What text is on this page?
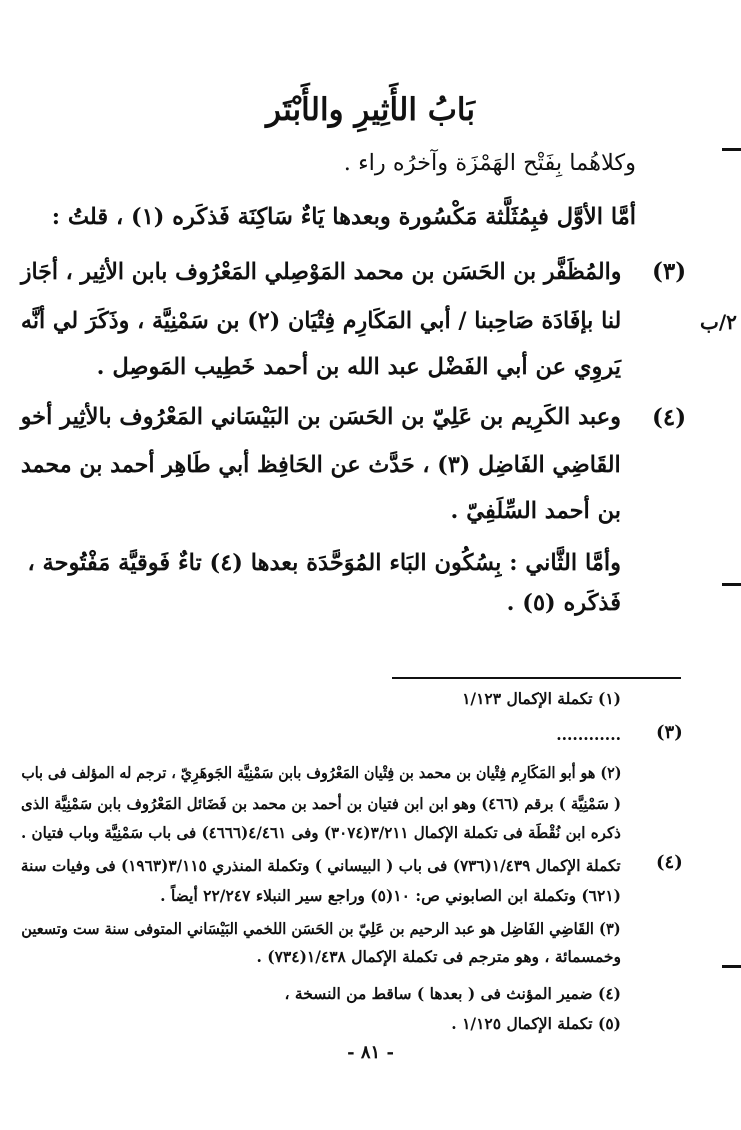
بَابُ الأَثِيرِ والأَبْتَر
وكلاهُما بِفَتْح الهَمْزَة وآخرُه راء .
أمَّا الأوَّل فبِمُثَلَّثة مَكْسُورة وبعدها يَاءٌ سَاكِنَة فَذكَره (١) ، قلتُ :
(٣)
والمُظَفَّر بن الحَسَن بن محمد المَوْصِلي المَعْرُوف بابن الأثِير ، أجَاز
لنا بإفَادَة صَاحِبنا / أبي المَكَارِم فِتْيَان (٢) بن سَمْنِيَّة ، وذَكَرَ لي أنَّه	٢/ب
يَروِي عن أبي الفَضْل عبد الله بن أحمد خَطِيب المَوصِل .
(٤)
وعبد الكَرِيم بن عَلِيّ بن الحَسَن بن البَيْسَاني المَعْرُوف بالأثِير أخو
القَاضِي الفَاضِل (٣) ، حَدَّث عن الحَافِظ أبي طَاهِر أحمد بن محمد
بن أحمد السِّلَفِيّ .
وأمَّا الثَّاني : بِسُكُون البَاء المُوَحَّدَة بعدها (٤) تاءٌ فَوقيَّة مَفْتُوحة ،
فَذكَره (٥) .
(١) تكملة الإكمال ١/١٢٣
(٣)
............
(٢) هو أبو المَكَارِم فِتْيان بن محمد بن فِتْيان المَعْرُوف بابن سَمْنِيَّة الجَوهَرِيّ ، ترجم له المؤلف فى باب
( سَمْنِيَّة ) برقم (٤٦٦) وهو ابن ابن فتيان بن أحمد بن محمد بن فَضَائل المَعْرُوف بابن سَمْنِيَّة الذى
ذكره ابن نُقْطَة فى تكملة الإكمال ٣/٢١١(٣٠٧٤) وفى ٤/٤٦١(٤٦٦٦) فى باب سَمْنِيَّة وباب فتيان .
(٤)
تكملة الإكمال ١/٤٣٩(٧٣٦) فى باب ( البيساني ) وتكملة المنذري ٣/١١٥(١٩٦٣) فى وفيات سنة
(٦٢١) وتكملة ابن الصابوني ص: ١٠(٥) وراجع سير النبلاء ٢٢/٢٤٧ أيضاً .
(٣) القَاضِي الفَاضِل هو عبد الرحيم بن عَلِيّ بن الحَسَن اللخمي البَيْسَاني المتوفى سنة ست وتسعين
وخمسمائة ، وهو مترجم فى تكملة الإكمال ١/٤٣٨(٧٣٤) .
(٤) ضمير المؤنث فى ( بعدها ) ساقط من النسخة ،
(٥) تكملة الإكمال ١/١٢٥ .
- ٨١ -
